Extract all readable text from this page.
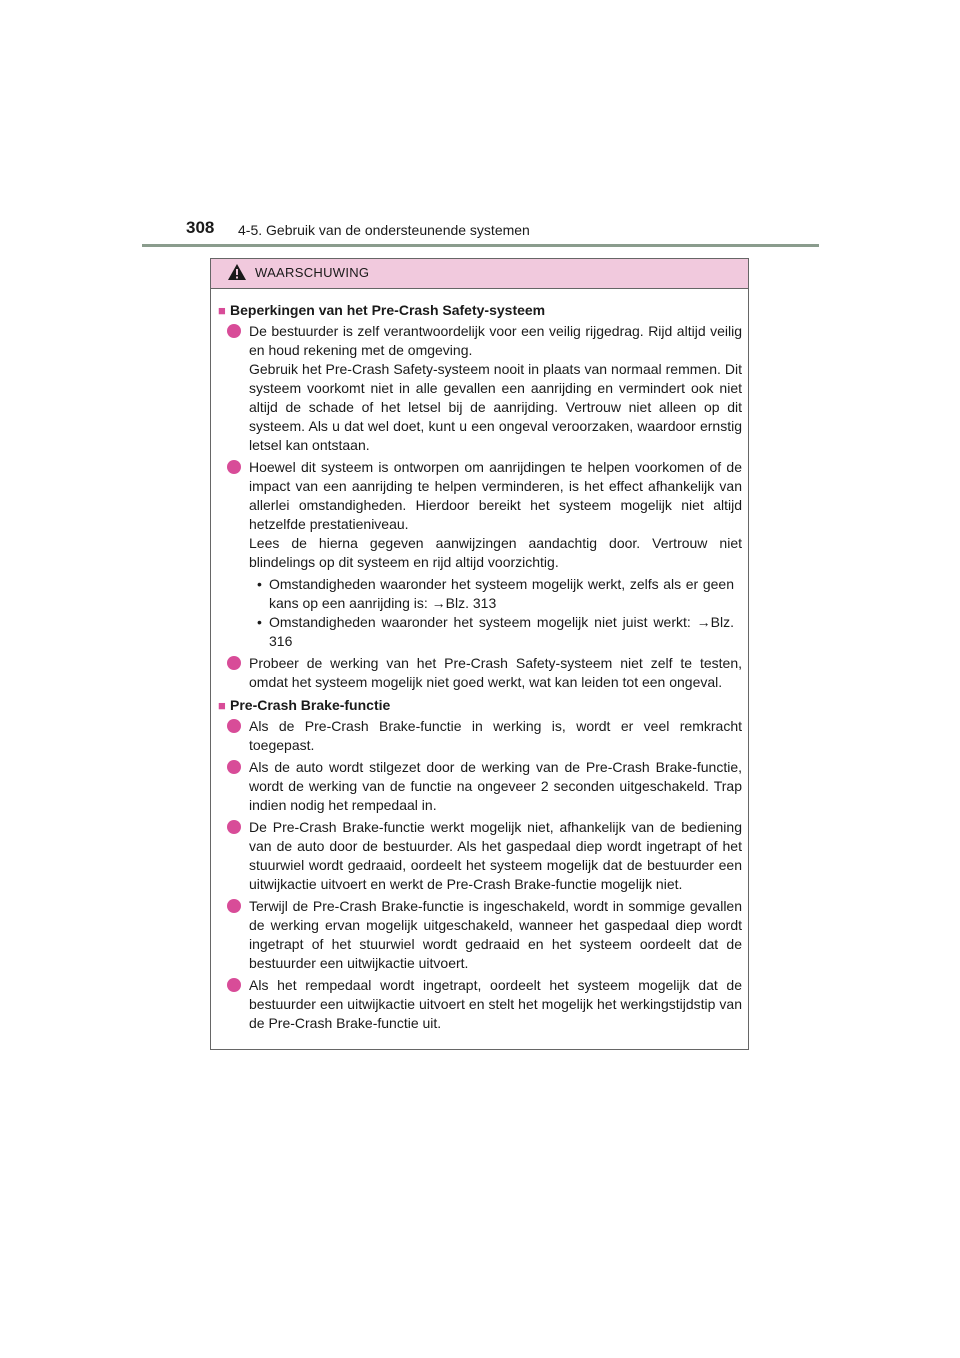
308 4-5. Gebruik van de ondersteunende systemen
WAARSCHUWING
■ Beperkingen van het Pre-Crash Safety-systeem

De bestuurder is zelf verantwoordelijk voor een veilig rijgedrag. Rijd altijd veilig en houd rekening met de omgeving.

Gebruik het Pre-Crash Safety-systeem nooit in plaats van normaal remmen. Dit systeem voorkomt niet in alle gevallen een aanrijding en vermindert ook niet altijd de schade of het letsel bij de aanrijding. Vertrouw niet alleen op dit systeem. Als u dat wel doet, kunt u een ongeval veroorzaken, waardoor ernstig letsel kan ontstaan.

Hoewel dit systeem is ontworpen om aanrijdingen te helpen voorkomen of de impact van een aanrijding te helpen verminderen, is het effect afhankelijk van allerlei omstandigheden. Hierdoor bereikt het systeem mogelijk niet altijd hetzelfde prestatieniveau.

Lees de hierna gegeven aanwijzingen aandachtig door. Vertrouw niet blindelings op dit systeem en rijd altijd voorzichtig.

• Omstandigheden waaronder het systeem mogelijk werkt, zelfs als er geen kans op een aanrijding is: →Blz. 313
• Omstandigheden waaronder het systeem mogelijk niet juist werkt: →Blz. 316

Probeer de werking van het Pre-Crash Safety-systeem niet zelf te testen, omdat het systeem mogelijk niet goed werkt, wat kan leiden tot een ongeval.

■ Pre-Crash Brake-functie

Als de Pre-Crash Brake-functie in werking is, wordt er veel remkracht toegepast.

Als de auto wordt stilgezet door de werking van de Pre-Crash Brake-functie, wordt de werking van de functie na ongeveer 2 seconden uitgeschakeld. Trap indien nodig het rempedaal in.

De Pre-Crash Brake-functie werkt mogelijk niet, afhankelijk van de bediening van de auto door de bestuurder. Als het gaspedaal diep wordt ingetrapt of het stuurwiel wordt gedraaid, oordeelt het systeem mogelijk dat de bestuurder een uitwijkactie uitvoert en werkt de Pre-Crash Brake-functie mogelijk niet.

Terwijl de Pre-Crash Brake-functie is ingeschakeld, wordt in sommige gevallen de werking ervan mogelijk uitgeschakeld, wanneer het gaspedaal diep wordt ingetrapt of het stuurwiel wordt gedraaid en het systeem oordeelt dat de bestuurder een uitwijkactie uitvoert.

Als het rempedaal wordt ingetrapt, oordeelt het systeem mogelijk dat de bestuurder een uitwijkactie uitvoert en stelt het mogelijk het werkingstijdstip van de Pre-Crash Brake-functie uit.
